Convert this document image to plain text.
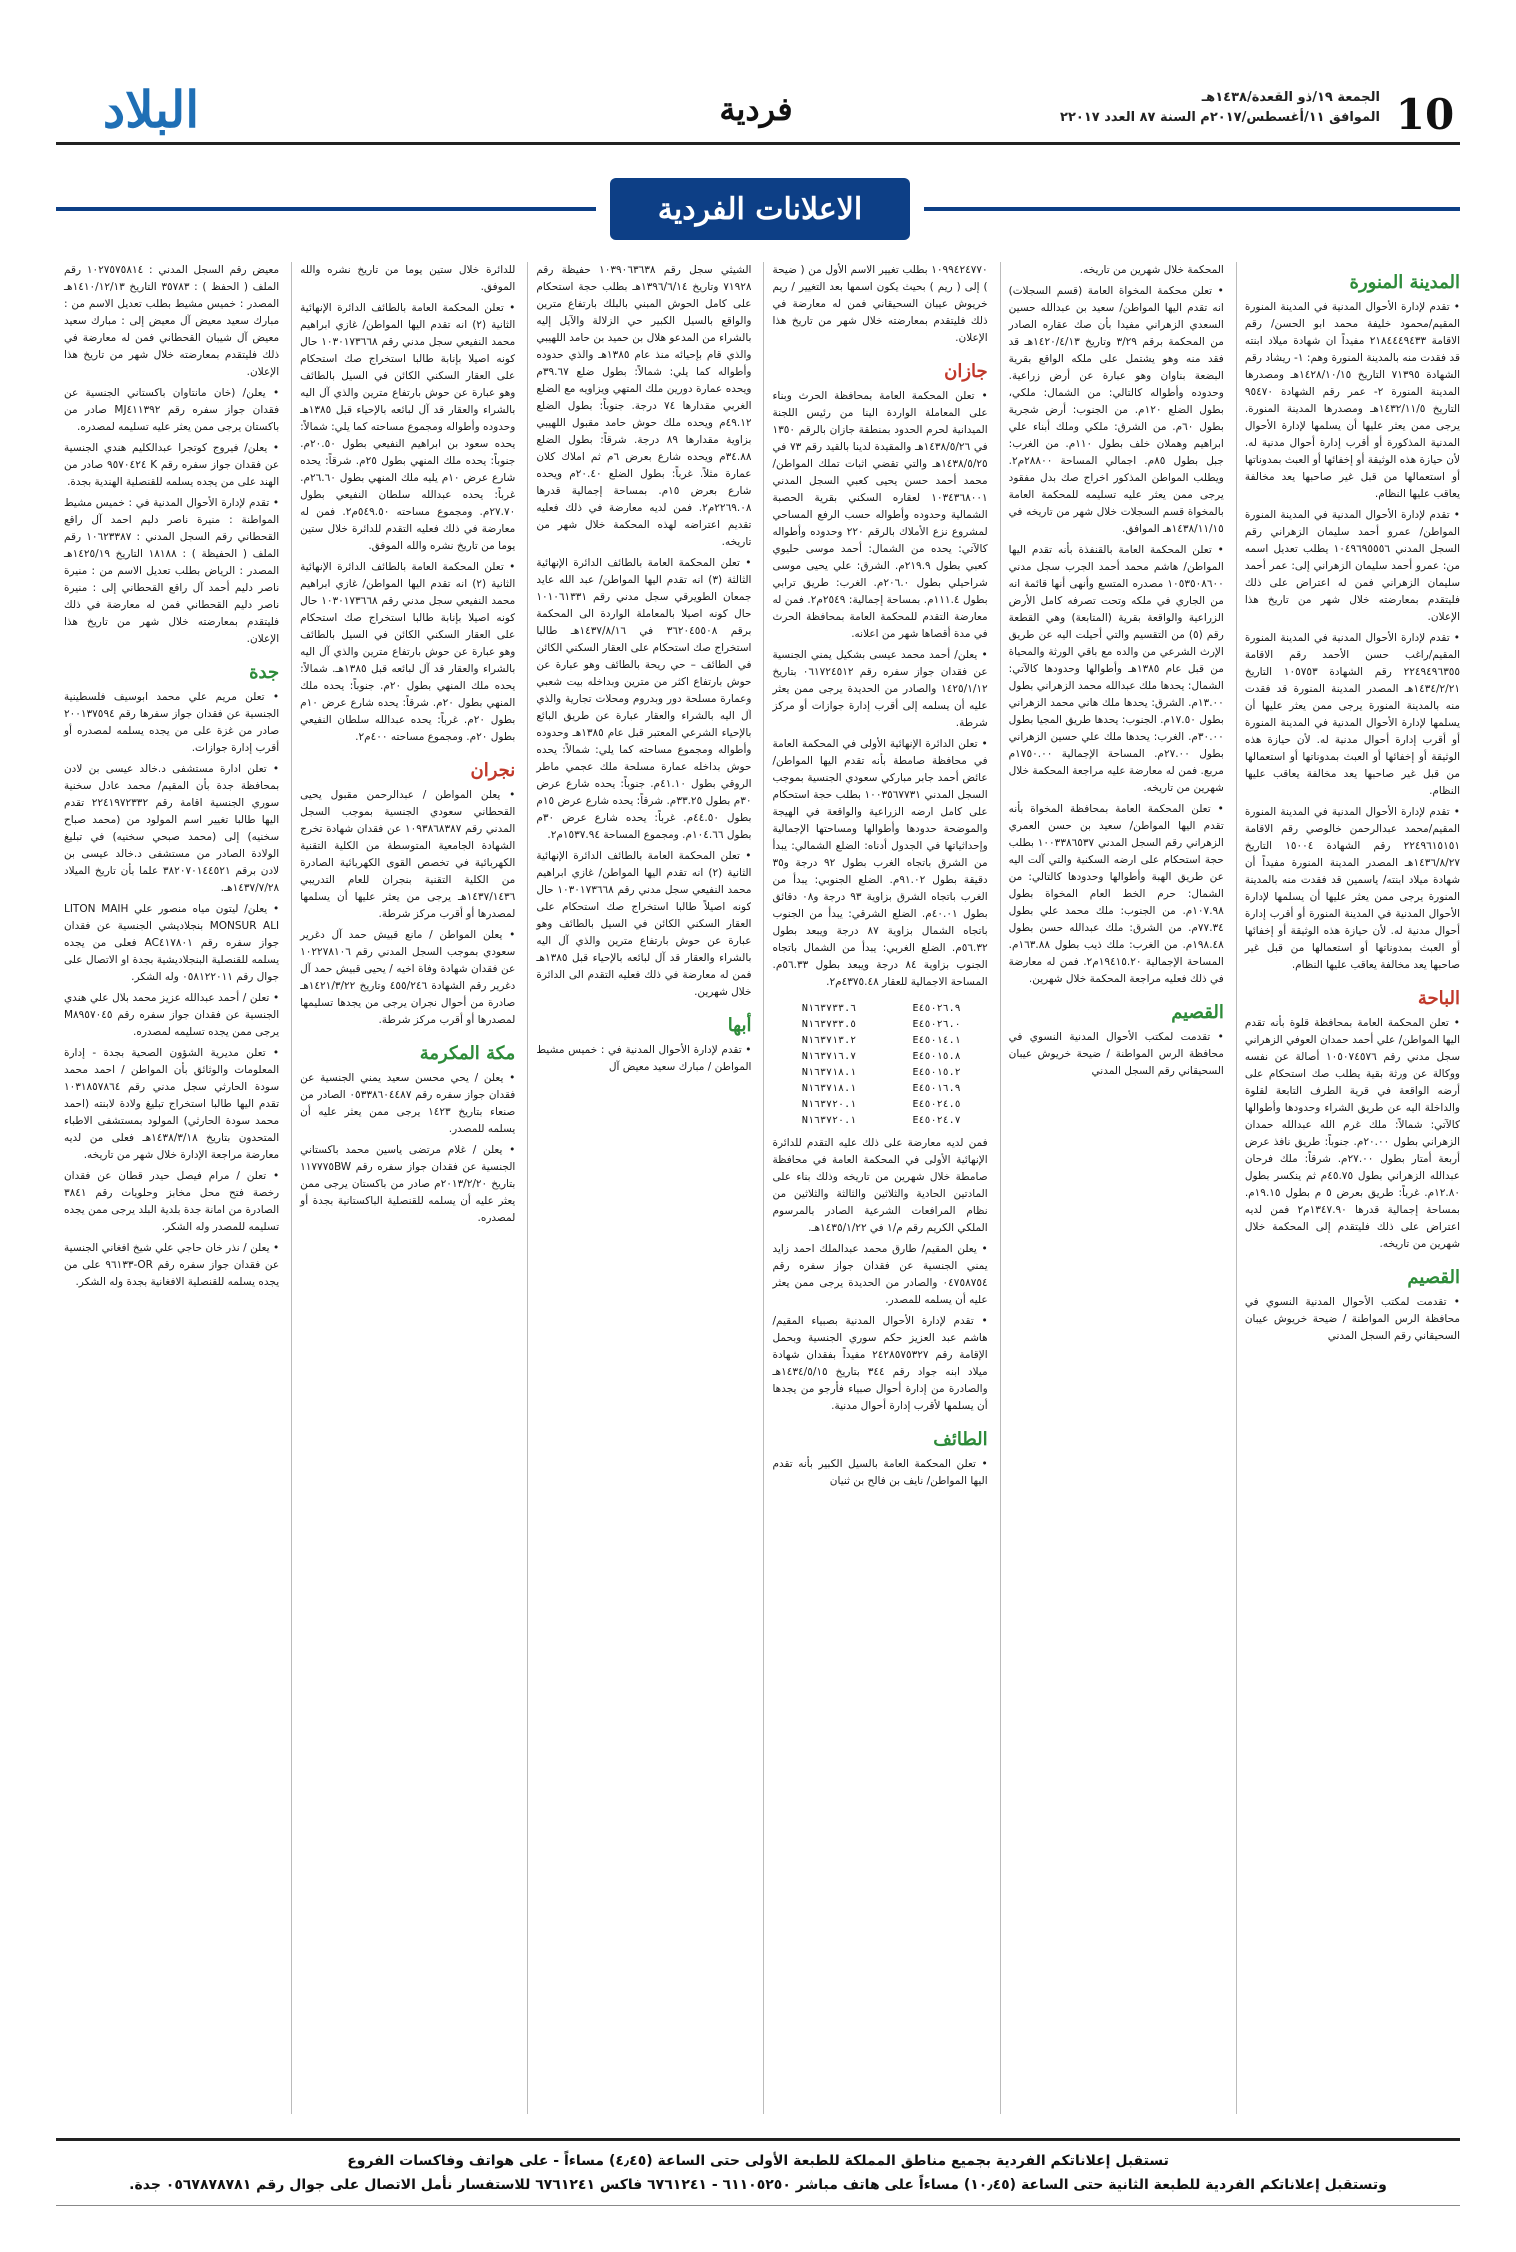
10
الجمعة ١٩/ذو القعدة/١٤٣٨هـ
الموافق ١١/أغسطس/٢٠١٧م السنة ٨٧ العدد ٢٢٠١٧
فردية
البلاد
الاعلانات الفردية
المدينة المنورة
• تقدم لإدارة الأحوال المدنية في المدينة المنورة المقيم/محمود خليفة محمد ابو الحسن/ رقم الاقامة ٢١٨٤٤٤٩٤٣٣ مفيداً ان شهادة ميلاد ابنته قد فقدت منه بالمدينة المنورة وهم: ١- ريشاد رقم الشهادة ٧١٣٩٥ التاريخ ١٤٢٨/١٠/١٥هـ ومصدرها المدينة المنورة ٢- عمر رقم الشهادة ٩٥٤٧٠ التاريخ ١٤٣٢/١١/٥هـ ومصدرها المدينة المنورة. يرجى ممن يعثر عليها أن يسلمها لإدارة الأحوال المدنية المذكورة أو أقرب إدارة أحوال مدنية له. لأن حيازة هذه الوثيقة أو إخفائها أو العبث بمدوناتها أو استعمالها من قبل غير صاحبها يعد مخالفة يعاقب عليها النظام.
• تقدم لإدارة الأحوال المدنية في المدينة المنورة المواطن/ عمرو أحمد سليمان الزهراني رقم السجل المدني ١٠٤٩٦٩٥٥٥٦ يطلب تعديل اسمه من: عمرو أحمد سليمان الزهراني إلى: عمر أحمد سليمان الزهراني فمن له اعتراض على ذلك فليتقدم بمعارضته خلال شهر من تاريخ هذا الإعلان.
• تقدم لإدارة الأحوال المدنية في المدينة المنورة المقيم/راغب حسن الأحمد رقم الاقامة ٢٢٤٩٤٩٦٣٥٥ رقم الشهادة ١٠٥٧٥٣ التاريخ ١٤٣٤/٢/٢١هـ المصدر المدينة المنورة قد فقدت منه بالمدينة المنورة يرجى ممن يعثر عليها أن يسلمها لإدارة الأحوال المدنية في المدينة المنورة أو أقرب إدارة أحوال مدنية له. لأن حيازة هذه الوثيقة أو إخفائها أو العبث بمدوناتها أو استعمالها من قبل غير صاحبها يعد مخالفة يعاقب عليها النظام.
• تقدم لإدارة الأحوال المدنية في المدينة المنورة المقيم/محمد عبدالرحمن خالوصي رقم الاقامة ٢٢٤٩٦١٥١٥١ رقم الشهادة ١٥٠٠٤ التاريخ ١٤٣٦/٨/٢٧هـ المصدر المدينة المنورة مفيداً أن شهادة ميلاد ابنته/ ياسمين قد فقدت منه بالمدينة المنورة يرجى ممن يعثر عليها أن يسلمها لإدارة الأحوال المدنية في المدينة المنورة أو أقرب إدارة أحوال مدنية له. لأن حيازة هذه الوثيقة أو إخفائها أو العبث بمدوناتها أو استعمالها من قبل غير صاحبها يعد مخالفة يعاقب عليها النظام.
الباحة
• تعلن المحكمة العامة بمحافظة قلوة بأنه تقدم اليها المواطن/ علي أحمد حمدان العوفي الزهراني سجل مدني رقم ١٠٥٠٧٤٥٧٦ أصالة عن نفسه ووكالة عن ورثة بقية يطلب صك استحكام على أرضه الواقعة في قرية الطرف التابعة لقلوة والداخلة اليه عن طريق الشراء وحدودها وأطوالها كالآتي: شمالاً: ملك غرم الله عبدالله حمدان الزهراني بطول ٢٠.٠٠م. جنوباً: طريق نافذ عرض أربعة أمتار بطول ٢٧.٠٠م. شرقاً: ملك فرحان عبدالله الزهراني بطول ٤٥.٧٥م ثم ينكسر بطول ١٢.٨٠م. غرباً: طريق بعرض ٥ م بطول ١٩.١٥م. بمساحة إجمالية قدرها ١٣٤٧.٩٠م٢ فمن لديه اعتراض على ذلك فليتقدم إلى المحكمة خلال شهرين من تاريخه.
القصيم
• تقدمت لمكتب الأحوال المدنية النسوي في محافظة الرس المواطنة / ضيحة خريوش عيبان السحيقاني رقم السجل المدني
المحكمة خلال شهرين من تاريخه.
• تعلن محكمة المخواة العامة (قسم السجلات) انه تقدم اليها المواطن/ سعيد بن عبدالله حسين السعدي الزهراني مفيدا بأن صك عقاره الصادر من المحكمة برقم ٣/٢٩ وتاريخ ١٤٢٠/٤/١٣هـ قد فقد منه وهو يشتمل على ملكه الواقع بقرية البضعة بناوان وهو عبارة عن أرض زراعية. وحدوده وأطواله كالتالي: من الشمال: ملكي، بطول الضلع ١٢٠م. من الجنوب: أرض شجرية بطول ٦٠م. من الشرق: ملكي وملك أبناء علي ابراهيم وهملان خلف بطول ١١٠م. من الغرب: جبل بطول ٨٥م. اجمالي المساحة ٢٨٨٠٠م٢. ويطلب المواطن المذكور اخراج صك بدل مفقود يرجى ممن يعثر عليه تسليمه للمحكمة العامة بالمخواة قسم السجلات خلال شهر من تاريخه في ١٤٣٨/١١/١٥هـ الموافق.
• تعلن المحكمة العامة بالقنفذة بأنه تقدم اليها المواطن/ هاشم محمد أحمد الجرب سجل مدني ١٠٥٣٥٠٨٦٠٠ مصدره المتسع وأنهى أنها قائمة انه من الجاري في ملكه وتحت تصرفه كامل الأرض الزراعية والواقعة بقرية (المتابعة) وهي القطعة رقم (٥) من التقسيم والتي أحيلت اليه عن طريق الإرث الشرعي من والده مع باقي الورثة والمحياة من قبل عام ١٣٨٥هـ وأطوالها وحدودها كالآتي: الشمال: يحدها ملك عبدالله محمد الزهراني بطول ١٣.٠٠م. الشرق: يحدها ملك هاني محمد الزهراني بطول ١٧.٥٠م. الجنوب: يحدها طريق المجيا بطول ٣٠.٠٠م. الغرب: يحدها ملك علي حسين الزهراني بطول ٢٧.٠٠م. المساحة الإجمالية ١٧٥٠.٠٠م مربع. فمن له معارضة عليه مراجعة المحكمة خلال شهرين من تاريخه.
• تعلن المحكمة العامة بمحافظة المخواة بأنه تقدم اليها المواطن/ سعيد بن حسن العمري الزهراني رقم السجل المدني ١٠٠٣٣٨٦٥٣٧ بطلب حجة استحكام على ارضه السكنية والتي آلت اليه عن طريق الهبة وأطوالها وحدودها كالتالي: من الشمال: حرم الخط العام المخواة بطول ١٠٧.٩٨م. من الجنوب: ملك محمد علي بطول ٧٧.٣٤م. من الشرق: ملك عبدالله حسن بطول ١٩٨.٤٨م. من الغرب: ملك ذيب بطول ١٦٣.٨٨م. المساحة الإجمالية ١٩٤١٥.٢٠م٢. فمن له معارضة في ذلك فعليه مراجعة المحكمة خلال شهرين.
القصيم
• تقدمت لمكتب الأحوال المدنية النسوي في محافظة الرس المواطنة / ضيحة خريوش عيبان السحيقاني رقم السجل المدني
١٠٩٩٤٢٤٧٧٠ بطلب تغيير الاسم الأول من ( ضيحة ) إلى ( ريم ) بحيث يكون اسمها بعد التغيير / ريم خريوش عيبان السحيقاني فمن له معارضة في ذلك فليتقدم بمعارضته خلال شهر من تاريخ هذا الإعلان.
جازان
• تعلن المحكمة العامة بمحافظة الحرث وبناء على المعاملة الواردة الينا من رئيس اللجنة الميدانية لحرم الحدود بمنطقة جازان بالرقم ١٣٥٠ في ١٤٣٨/٥/٢٦هـ والمقيدة لدينا بالقيد رقم ٧٣ في ١٤٣٨/٥/٢٥هـ والتي تقضي اثبات تملك المواطن/ محمد أحمد حسن يحيى كعبي السجل المدني ١٠٣٤٣٦٨٠٠١ لعقاره السكني بقرية الحصبة الشمالية وحدوده وأطواله حسب الرفع المساحي لمشروع نزع الأملاك بالرقم ٢٢٠ وحدوده وأطواله كالآتي: يحده من الشمال: أحمد موسى حليوي كعبي بطول ٢١٩.٩م. الشرق: علي يحيى موسى شراحيلي بطول ٢٠٦.٠م. الغرب: طريق ترابي بطول ١١١.٤م. بمساحة إجمالية: ٢٥٤٩م٢. فمن له معارضة التقدم للمحكمة العامة بمحافظة الحرث في مدة أقصاها شهر من اعلانه.
• يعلن/ أحمد محمد عيسى بشكيل يمني الجنسية عن فقدان جواز سفره رقم ٠٦١٧٢٤٥١٢ بتاريخ ١٤٢٥/١/١٢ والصادر من الحديدة يرجى ممن يعثر عليه أن يسلمه إلى أقرب إدارة جوازات أو مركز شرطة.
• تعلن الدائرة الإنهائية الأولى في المحكمة العامة في محافظة صامطة بأنه تقدم اليها المواطن/ عائض أحمد جابر مباركي سعودي الجنسية بموجب السجل المدني ١٠٠٣٥٦٧٧٣١ بطلب حجة استحكام على كامل ارضه الزراعية والواقعة في الهيجة والموضحة حدودها وأطوالها ومساحتها الإجمالية وإحداثياتها في الجدول أدناه: الضلع الشمالي: يبدأ من الشرق باتجاه الغرب بطول ٩٢ درجة و٣٥ دقيقة بطول ٩١.٠٢م. الضلع الجنوبي: يبدأ من الغرب باتجاه الشرق بزاوية ٩٣ درجة و٠٨ دقائق بطول ٤٠.٠١م. الضلع الشرقي: يبدأ من الجنوب باتجاه الشمال بزاوية ٨٧ درجة ويبعد بطول ٥٦.٣٢م. الضلع الغربي: يبدأ من الشمال باتجاه الجنوب بزاوية ٨٤ درجة ويبعد بطول ٥٦.٣٣م. المساحة الاجمالية للعقار ٤٣٧٥.٤٨م٢.
E٤٥٠٢٦.٩	N١٦٣٧٣٣.٦
E٤٥٠٢٦.٠	N١٦٣٧٣٣.٥
E٤٥٠١٤.١	N١٦٣٧١٣.٢
E٤٥٠١٥.٨	N١٦٣٧١٦.٧
E٤٥٠١٥.٢	N١٦٣٧١٨.١
E٤٥٠١٦.٩	N١٦٣٧١٨.١
E٤٥٠٢٤.٥	N١٦٣٧٢٠.١
E٤٥٠٢٤.٧	N١٦٣٧٢٠.١
فمن لديه معارضة على ذلك عليه التقدم للدائرة الإنهائية الأولى في المحكمة العامة في محافظة صامطة خلال شهرين من تاريخه وذلك بناء على المادتين الحادية والثلاثين والثالثة والثلاثين من نظام المرافعات الشرعية الصادر بالمرسوم الملكي الكريم رقم م/١ في ١٤٣٥/١/٢٢هـ.
• يعلن المقيم/ طارق محمد عبدالملك احمد زايد يمني الجنسية عن فقدان جواز سفره رقم ٠٤٧٥٨٧٥٤ والصادر من الحديدة يرجى ممن يعثر عليه أن يسلمه للمصدر.
• تقدم لإدارة الأحوال المدنية بصبياء المقيم/ هاشم عبد العزيز حكم سوري الجنسية وبحمل الإقامة رقم ٢٤٢٨٥٧٥٣٢٧ مفيداً بفقدان شهادة ميلاد ابنه جواد رقم ٣٤٤ بتاريخ ١٤٣٤/٥/١٥هـ والصادرة من إدارة أحوال صبياء فأرجو من يجدها أن يسلمها لأقرب إدارة أحوال مدنية.
الطائف
• تعلن المحكمة العامة بالسيل الكبير بأنه تقدم اليها المواطن/ نايف بن فالح بن ثنيان
الشيثي سجل رقم ١٠٣٩٠٦٣٦٣٨ حفيظة رقم ٧١٩٢٨ وتاريخ ١٣٩٦/٦/١٤هـ بطلب حجة استحكام على كامل الحوش المبني بالبلك بارتفاع مترين والواقع بالسيل الكبير حي الزلالة والآيل إليه بالشراء من المدعو هلال بن حميد بن حامد اللهيبي والذي قام بإحيائه منذ عام ١٣٨٥هـ والذي حدوده وأطواله كما يلي: شمالاً: بطول ضلع ٣٩.٦٧م ويحده عمارة دورين ملك المتهي ويزاويه مع الضلع الغربي مقدارها ٧٤ درجة. جنوباً: بطول الضلع ٤٩.١٢م ويحده ملك حوش حامد مقبول اللهيبي بزاوية مقدارها ٨٩ درجة. شرقاً: بطول الضلع ٣٤.٨٨م ويحده شارع بعرض ٦م ثم املاك كلان عمارة مثلاً. غرباً: بطول الضلع ٢٠.٤٠م ويحده شارع بعرض ١٥م. بمساحة إجمالية قدرها ٢٢٦٩.٠٨م٢. فمن لديه معارضة في ذلك فعليه تقديم اعتراضه لهذه المحكمة خلال شهر من تاريخه.
• تعلن المحكمة العامة بالطائف الدائرة الإنهائية الثالثة (٣) انه تقدم اليها المواطن/ عبد الله عايد جمعان الطويرقي سجل مدني رقم ١٠١٠٦١٣٣١ حال كونه اصيلا بالمعاملة الواردة الى المحكمة برقم ٣٦٢٠٤٥٥٠٨ في ١٤٣٧/٨/١٦هـ طالبا استخراج صك استحكام على العقار السكني الكائن في الطائف – حي ريحة بالطائف وهو عبارة عن حوش بارتفاع اكثر من مترين وبداخله بيت شعبي وعمارة مسلحة دور وبدروم ومحلات تجارية والذي آل اليه بالشراء والعقار عبارة عن طريق البائع بالإحياء الشرعي المعتبر قبل عام ١٣٨٥هـ وحدوده وأطواله ومجموع مساحته كما يلي: شمالاً: يحده حوش بداخله عمارة مسلحة ملك عجمي ماطر الروقي بطول ٤١.١٠م. جنوباً: يحده شارع عرض ٣٠م بطول ٣٣.٢٥م. شرقاً: يحده شارع عرض ١٥م بطول ٤٤.٥٠م. غرباً: يحده شارع عرض ٣٠م بطول ١٠٤.٦٦م. ومجموع المساحة ١٥٣٧.٩٤م٢.
• تعلن المحكمة العامة بالطائف الدائرة الإنهائية الثانية (٢) انه تقدم اليها المواطن/ غازي ابراهيم محمد النفيعي سجل مدني رقم ١٠٣٠١٧٣٦٦٨ حال كونه اصيلاً طالبا استخراج صك استحكام على العقار السكني الكائن في السيل بالطائف وهو عبارة عن حوش بارتفاع مترين والذي آل اليه بالشراء والعقار قد آل لبائعه بالإحياء قبل ١٣٨٥هـ فمن له معارضة في ذلك فعليه التقدم الى الدائرة خلال شهرين.
أبها
• تقدم لإدارة الأحوال المدنية في : خميس مشيط المواطن / مبارك سعيد معيض آل
للدائرة خلال ستين يوما من تاريخ نشره والله الموفق.
• تعلن المحكمة العامة بالطائف الدائرة الإنهائية الثانية (٢) انه تقدم اليها المواطن/ غازي ابراهيم محمد النفيعي سجل مدني رقم ١٠٣٠١٧٣٦٦٨ حال كونه اصيلا بإنابة طالبا استخراج صك استحكام على العقار السكني الكائن في السيل بالطائف وهو عبارة عن حوش بارتفاع مترين والذي آل اليه بالشراء والعقار قد آل لبائعه بالإحياء قبل ١٣٨٥هـ وحدوده وأطواله ومجموع مساحته كما يلي: شمالاً: يحده سعود بن ابراهيم النفيعي بطول ٢٠.٥٠م. جنوباً: يحده ملك المنهي بطول ٢٥م. شرقاً: يحده شارع عرض ١٠م يليه ملك المنهي بطول ٢٦.٦٠م. غرباً: يحده عبدالله سلطان النفيعي بطول ٢٧.٧٠م. ومجموع مساحته ٥٤٩.٥٠م٢. فمن له معارضة في ذلك فعليه التقدم للدائرة خلال ستين يوما من تاريخ نشره والله الموفق.
• تعلن المحكمة العامة بالطائف الدائرة الإنهائية الثانية (٢) انه تقدم اليها المواطن/ غازي ابراهيم محمد النفيعي سجل مدني رقم ١٠٣٠١٧٣٦٦٨ حال كونه اصيلا بإنابة طالبا استخراج صك استحكام على العقار السكني الكائن في السيل بالطائف وهو عبارة عن حوش بارتفاع مترين والذي آل اليه بالشراء والعقار قد آل لبائعه قبل ١٣٨٥هـ. شمالاً: يحده ملك المنهي بطول ٢٠م. جنوباً: يحده ملك المنهي بطول ٢٠م. شرقاً: يحده شارع عرض ١٠م بطول ٢٠م. غرباً: يحده عبدالله سلطان النفيعي بطول ٢٠م. ومجموع مساحته ٤٠٠م٢.
نجران
• يعلن المواطن / عبدالرحمن مقبول يحيى القحطاني سعودي الجنسية بموجب السجل المدني رقم ١٠٩٣٨٦٨٣٨٧ عن فقدان شهادة تخرج الشهادة الجامعية المتوسطة من الكلية التقنية الكهربائية في تخصص القوى الكهربائية الصادرة من الكلية التقنية بنجران للعام التدريبي ١٤٣٧/١٤٣٦هـ يرجى من يعثر عليها أن يسلمها لمصدرها أو أقرب مركز شرطة.
• يعلن المواطن / مانع قبيش حمد آل دغرير سعودي بموجب السجل المدني رقم ١٠٢٢٧٨١٠٦ عن فقدان شهادة وفاة اخيه / يحيى قبيش حمد آل دغرير رقم الشهادة ٤٥٥/٢٤٦ وتاريخ ١٤٢١/٣/٢٢هـ صادرة من أحوال نجران يرجى من يجدها تسليمها لمصدرها أو أقرب مركز شرطة.
مكة المكرمة
• يعلن / يحي محسن سعيد يمني الجنسية عن فقدان جواز سفره رقم ٠٥٣٣٨٦٠٤٤٨٧ الصادر من صنعاء بتاريخ ١٤٢٣ يرجى ممن يعثر عليه أن يسلمه للمصدر.
• يعلن / غلام مرتضى ياسين محمد باكستاني الجنسية عن فقدان جواز سفره رقم ١١٧٧٧٥BW بتاريخ ٢٠١٣/٢/٢٠م صادر من باكستان يرجى ممن يعثر عليه أن يسلمه للقنصلية الباكستانية بجدة أو لمصدره.
معيض رقم السجل المدني : ١٠٢٧٥٧٥٨١٤ رقم الملف ( الحفظ ) : ٣٥٧٨٣ التاريخ ١٤١٠/١٢/١٣هـ المصدر : خميس مشيط بطلب تعديل الاسم من : مبارك سعيد معيض آل معيض إلى : مبارك سعيد معيض آل شيبان القحطاني فمن له معارضة في ذلك فليتقدم بمعارضته خلال شهر من تاريخ هذا الإعلان.
• يعلن/ (خان مانتاوان باكستاني الجنسية عن فقدان جواز سفره رقم MJ٤١١٣٩٢ صادر من باكستان يرجى ممن يعثر عليه تسليمه لمصدره.
• يعلن/ فيروج كوتجرا عبدالكليم هندي الجنسية عن فقدان جواز سفره رقم K ٩٥٧٠٤٢٤ صادر من الهند على من يجده يسلمه للقنصلية الهندية بجدة.
• تقدم لإدارة الأحوال المدنية في : خميس مشيط المواطنة : منيرة ناصر دليم احمد آل راقع القحطاني رقم السجل المدني : ١٠٦٢٣٣٨٧ رقم الملف ( الحفيظة ) : ١٨١٨٨ التاريخ ١٤٢٥/١٩هـ المصدر : الرياض بطلب تعديل الاسم من : منيرة ناصر دليم أحمد آل راقع القحطاني إلى : منيرة ناصر دليم القحطاني فمن له معارضة في ذلك فليتقدم بمعارضته خلال شهر من تاريخ هذا الإعلان.
جدة
• تعلن مريم علي محمد ابوسيف فلسطينية الجنسية عن فقدان جواز سفرها رقم ٢٠٠١٣٧٥٩٤ صادر من غزة على من يجده يسلمه لمصدره أو أقرب إدارة جوازات.
• تعلن ادارة مستشفى د.خالد عيسى بن لادن بمحافظة جدة بأن المقيم/ محمد عادل سخنية سوري الجنسية اقامة رقم ٢٢٤١٩٧٢٣٣٢ تقدم اليها طالبا تغيير اسم المولود من (محمد صباح سخنيه) إلى (محمد صبحي سخنيه) في تبليغ الولادة الصادر من مستشفى د.خالد عيسى بن لادن برقم ٣٨٢٠٧٠١٤٤٥٢١ علما بأن تاريخ الميلاد ١٤٣٧/٧/٢٨هـ.
• يعلن/ ليتون مياه منصور علي LITON MAIH MONSUR ALI بنجلاديشي الجنسية عن فقدان جواز سفره رقم AC٤١٧٨٠١ فعلى من يجده يسلمه للقنصلية البنجلاديشية بجدة او الاتصال على جوال رقم ٠٥٨١٢٢٠١١ وله الشكر.
• تعلن / أحمد عبدالله عزيز محمد بلال علي هندي الجنسية عن فقدان جواز سفره رقم M٨٩٥٧٠٤٥ يرجى ممن يجده تسليمه لمصدره.
• تعلن مديرية الشؤون الصحية بجدة - إدارة المعلومات والوثائق بأن المواطن / احمد محمد سودة الحارثي سجل مدني رقم ١٠٣١٨٥٧٨٦٤ تقدم اليها طالبا استخراج تبليغ ولادة لابنته (احمد محمد سودة الحارثي) المولود بمستشفى الاطباء المتحدون بتاريخ ١٤٣٨/٣/١٨هـ فعلى من لديه معارضة مراجعة الإدارة خلال شهر من تاريخه.
• تعلن / مرام فيصل حيدر قطان عن فقدان رخصة فتح محل مخابز وحلويات رقم ٣٨٤١ الصادرة من امانة جدة بلدية البلد يرجى ممن يجده تسليمه للمصدر وله الشكر.
• يعلن / نذر خان حاجي علي شيخ افغاني الجنسية عن فقدان جواز سفره رقم OR-٩٦١٣٣ على من يجده يسلمه للقنصلية الافغانية بجدة وله الشكر.
تستقبل إعلاناتكم الفردية بجميع مناطق المملكة للطبعة الأولى حتى الساعة (٤٫٤٥) مساءاً - على هواتف وفاكسات الفروع
وتستقبل إعلاناتكم الفردية للطبعة الثانية حتى الساعة (١٠٫٤٥) مساءاً على هاتف مباشر ٦١١٠٥٢٥٠ - ٦٧٦١٢٤١ فاكس ٦٧٦١٢٤١ للاستفسار نأمل الاتصال على جوال رقم ٠٥٦٧٨٧٨٧٨١ جدة.
